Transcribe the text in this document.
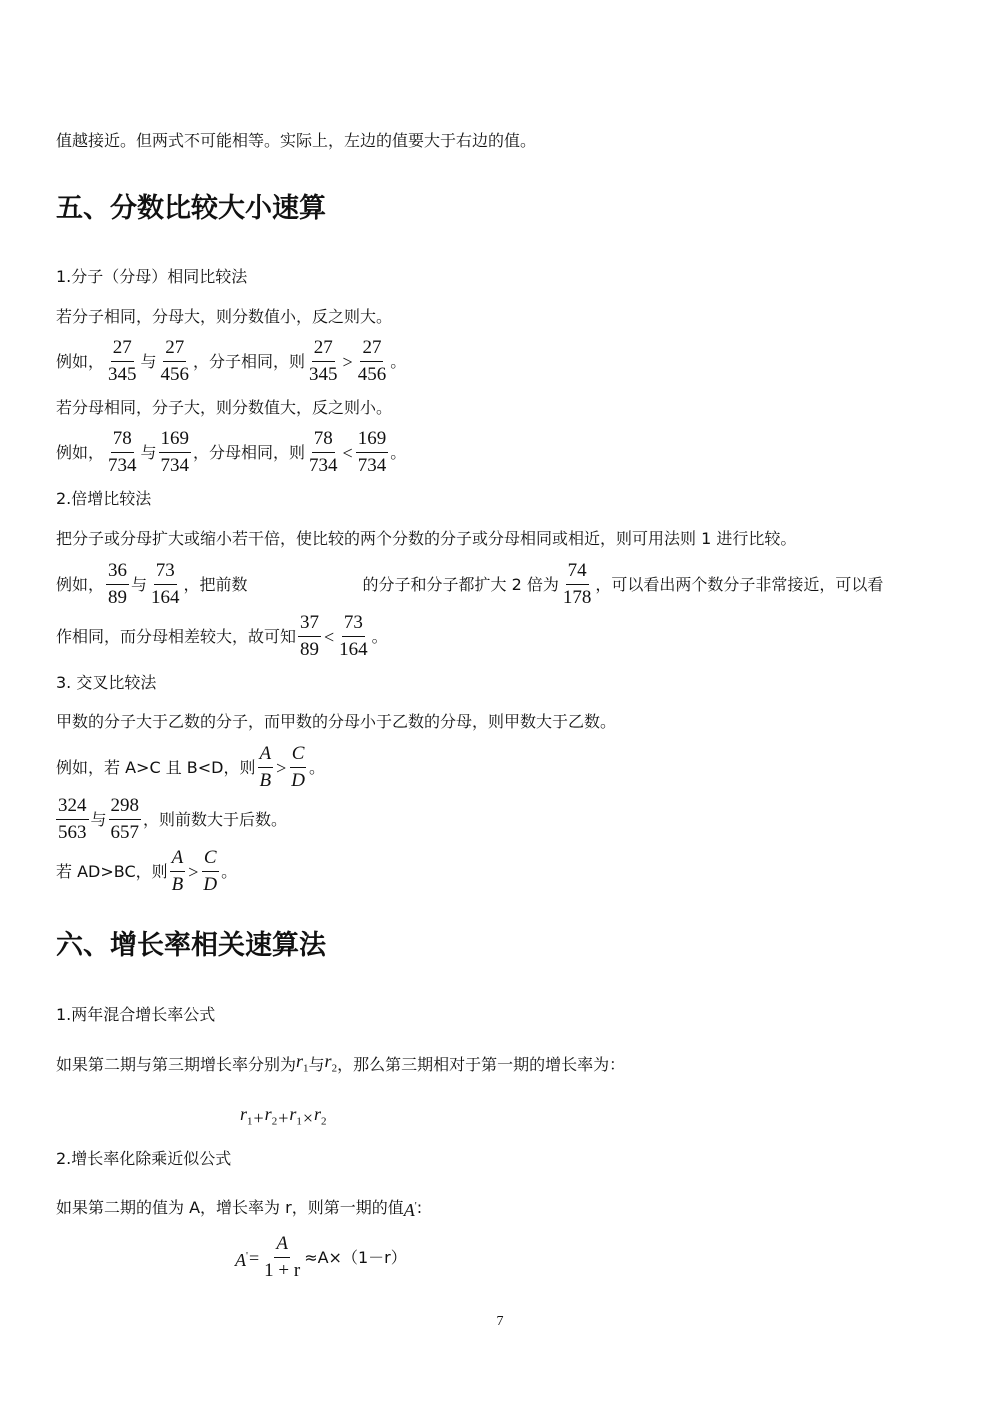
值越接近。但两式不可能相等。实际上，左边的值要大于右边的值。
五、分数比较大小速算
1.分子（分母）相同比较法
若分子相同，分母大，则分数值小，反之则大。
例如， $\frac{27}{345}$ 与 $\frac{27}{456}$ ，分子相同，则 $\frac{27}{345} > \frac{27}{456}$ 。
若分母相同，分子大，则分数值大，反之则小。
例如， $\frac{78}{734}$ 与 $\frac{169}{734}$ ，分母相同，则 $\frac{78}{734} < \frac{169}{734}$ 。
2.倍增比较法
把分子或分母扩大或缩小若干倍，使比较的两个分数的分子或分母相同或相近，则可用法则 1 进行比较。
例如， $\frac{36}{89}$ 与 $\frac{73}{164}$ ，把前数	的分子和分子都扩大 2 倍为 $\frac{74}{178}$ ，可以看出两个数分子非常接近，可以看
作相同，而分母相差较大，故可知 $\frac{37}{89} < \frac{73}{164}$ 。
3. 交叉比较法
甲数的分子大于乙数的分子，而甲数的分母小于乙数的分母，则甲数大于乙数。
例如，若 A>C 且 B<D，则 $\frac{A}{B} > \frac{C}{D}$ 。
$\frac{324}{563}$ 与 $\frac{298}{657}$ ，则前数大于后数。
若 AD>BC，则 $\frac{A}{B} > \frac{C}{D}$ 。
六、增长率相关速算法
1.两年混合增长率公式
如果第二期与第三期增长率分别为 $r_1$ 与 $r_2$ ，那么第三期相对于第一期的增长率为：
$r_1 + r_2 + r_1 \times r_2$
2.增长率化除乘近似公式
如果第二期的值为 A，增长率为 r，则第一期的值 A' :
$A' = \frac{A}{1 + r} \approx A\times(1-r)$
7
